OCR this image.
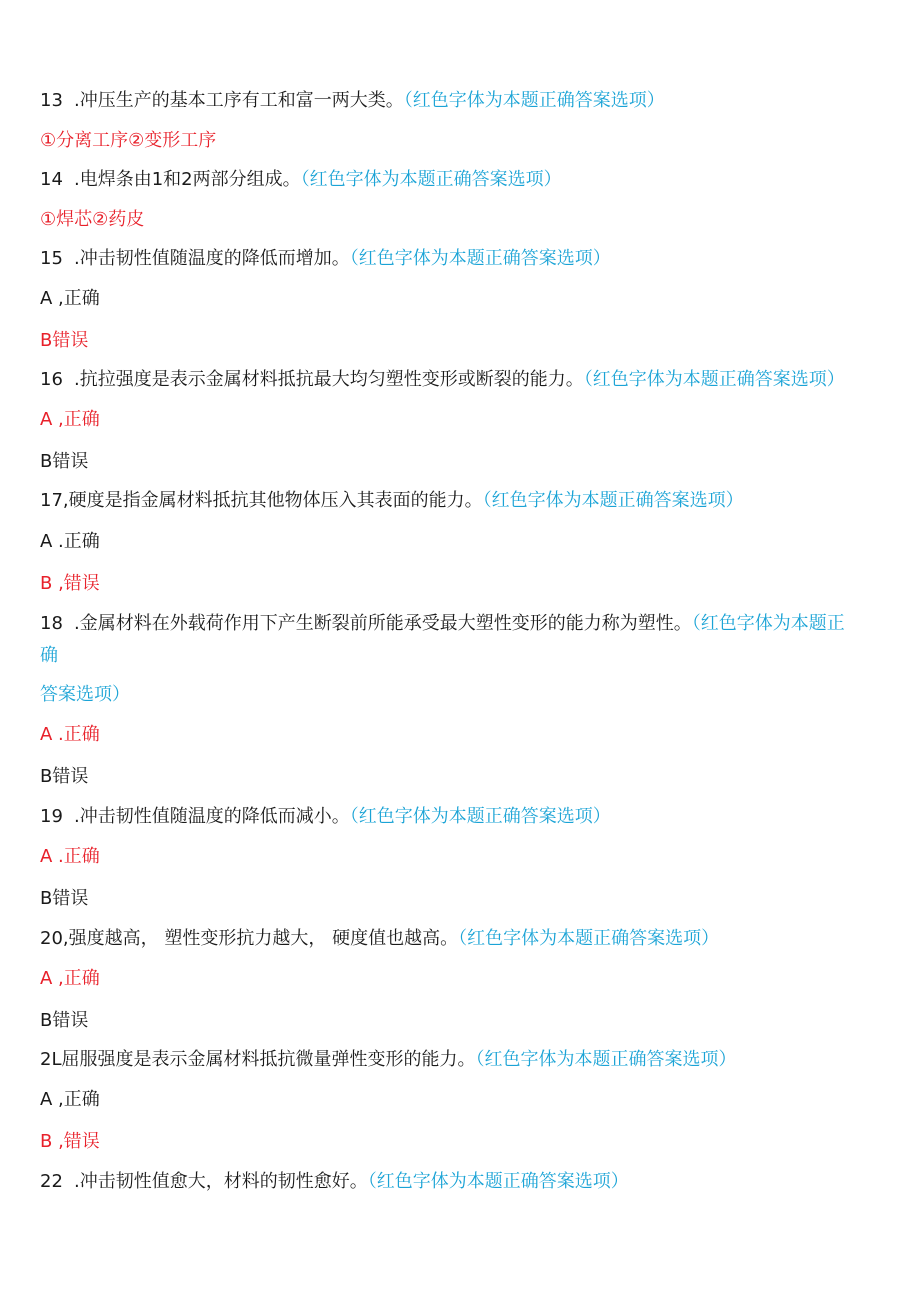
13 .冲压生产的基本工序有工和富一两大类。（红色字体为本题正确答案选项）
①分离工序②变形工序
14 .电焊条由1和2两部分组成。（红色字体为本题正确答案选项）
①焊芯②药皮
15 .冲击韧性值随温度的降低而增加。（红色字体为本题正确答案选项）
A ,正确
B错误
16 .抗拉强度是表示金属材料抵抗最大均匀塑性变形或断裂的能力。（红色字体为本题正确答案选项）
A ,正确
B错误
17,硬度是指金属材料抵抗其他物体压入其表面的能力。（红色字体为本题正确答案选项）
A .正确
B ,错误
18 .金属材料在外载荷作用下产生断裂前所能承受最大塑性变形的能力称为塑性。（红色字体为本题正
确
答案选项）
A .正确
B错误
19 .冲击韧性值随温度的降低而减小。（红色字体为本题正确答案选项）
A .正确
B错误
20,强度越高， 塑性变形抗力越大， 硬度值也越高。（红色字体为本题正确答案选项）
A ,正确
B错误
2L屈服强度是表示金属材料抵抗微量弹性变形的能力。（红色字体为本题正确答案选项）
A ,正确
B ,错误
22 .冲击韧性值愈大，材料的韧性愈好。（红色字体为本题正确答案选项）
